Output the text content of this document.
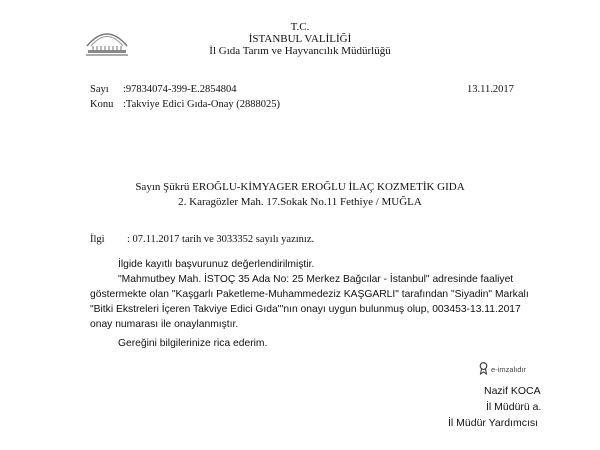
T.C.
İSTANBUL VALİLİĞİ
İl Gıda Tarım ve Hayvancılık Müdürlüğü
Sayı :97834074-399-E.2854804	13.11.2017
Konu :Takviye Edici Gıda-Onay (2888025)
Sayın Şükrü EROĞLU-KİMYAGER EROĞLU İLAÇ KOZMETİK GIDA
2. Karagözler Mah. 17.Sokak No.11 Fethiye / MUĞLA
İlgi : 07.11.2017 tarih ve 3033352 sayılı yazınız.
İlgide kayıtlı başvurunuz değerlendirilmiştir.
"Mahmutbey Mah. İSTOÇ 35 Ada No: 25 Merkez Bağcılar - İstanbul" adresinde faaliyet
göstermekte olan "Kaşgarlı Paketleme-Muhammedeziz KAŞGARLI" tarafından "Siyadin" Markalı
"Bitki Ekstreleri İçeren Takviye Edici Gıda"'nın onayı uygun bulunmuş olup, 003453-13.11.2017
onay numarası ile onaylanmıştır.
Gereğini bilgilerinize rica ederim.
e-imzalıdır
Nazif KOCA
İl Müdürü a.
İl Müdür Yardımcısı
